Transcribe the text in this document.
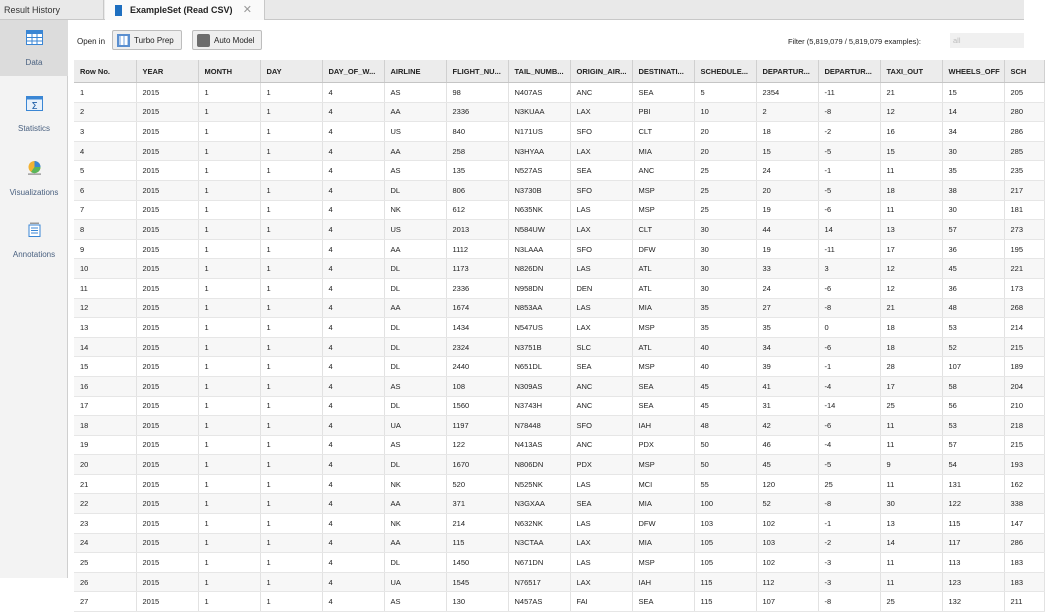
Result History	ExampleSet (Read CSV) ✕
Data
Σ
Statistics
Visualizations
Annotations
Open in	Turbo Prep	Auto Model	Filter (5,819,079 / 5,819,079 examples):	all
Row No.	YEAR	MONTH	DAY	DAY_OF_W...	AIRLINE	FLIGHT_NU...	TAIL_NUMB...	ORIGIN_AIR...	DESTINATI...	SCHEDULE...	DEPARTUR...	DEPARTUR...	TAXI_OUT	WHEELS_OFF	SCH
1	2015	1	1	4	AS	98	N407AS	ANC	SEA	5	2354	-11	21	15	205
2	2015	1	1	4	AA	2336	N3KUAA	LAX	PBI	10	2	-8	12	14	280
3	2015	1	1	4	US	840	N171US	SFO	CLT	20	18	-2	16	34	286
4	2015	1	1	4	AA	258	N3HYAA	LAX	MIA	20	15	-5	15	30	285
5	2015	1	1	4	AS	135	N527AS	SEA	ANC	25	24	-1	11	35	235
6	2015	1	1	4	DL	806	N3730B	SFO	MSP	25	20	-5	18	38	217
7	2015	1	1	4	NK	612	N635NK	LAS	MSP	25	19	-6	11	30	181
8	2015	1	1	4	US	2013	N584UW	LAX	CLT	30	44	14	13	57	273
9	2015	1	1	4	AA	1112	N3LAAA	SFO	DFW	30	19	-11	17	36	195
10	2015	1	1	4	DL	1173	N826DN	LAS	ATL	30	33	3	12	45	221
11	2015	1	1	4	DL	2336	N958DN	DEN	ATL	30	24	-6	12	36	173
12	2015	1	1	4	AA	1674	N853AA	LAS	MIA	35	27	-8	21	48	268
13	2015	1	1	4	DL	1434	N547US	LAX	MSP	35	35	0	18	53	214
14	2015	1	1	4	DL	2324	N3751B	SLC	ATL	40	34	-6	18	52	215
15	2015	1	1	4	DL	2440	N651DL	SEA	MSP	40	39	-1	28	107	189
16	2015	1	1	4	AS	108	N309AS	ANC	SEA	45	41	-4	17	58	204
17	2015	1	1	4	DL	1560	N3743H	ANC	SEA	45	31	-14	25	56	210
18	2015	1	1	4	UA	1197	N78448	SFO	IAH	48	42	-6	11	53	218
19	2015	1	1	4	AS	122	N413AS	ANC	PDX	50	46	-4	11	57	215
20	2015	1	1	4	DL	1670	N806DN	PDX	MSP	50	45	-5	9	54	193
21	2015	1	1	4	NK	520	N525NK	LAS	MCI	55	120	25	11	131	162
22	2015	1	1	4	AA	371	N3GXAA	SEA	MIA	100	52	-8	30	122	338
23	2015	1	1	4	NK	214	N632NK	LAS	DFW	103	102	-1	13	115	147
24	2015	1	1	4	AA	115	N3CTAA	LAX	MIA	105	103	-2	14	117	286
25	2015	1	1	4	DL	1450	N671DN	LAS	MSP	105	102	-3	11	113	183
26	2015	1	1	4	UA	1545	N76517	LAX	IAH	115	112	-3	11	123	183
27	2015	1	1	4	AS	130	N457AS	FAI	SEA	115	107	-8	25	132	211
